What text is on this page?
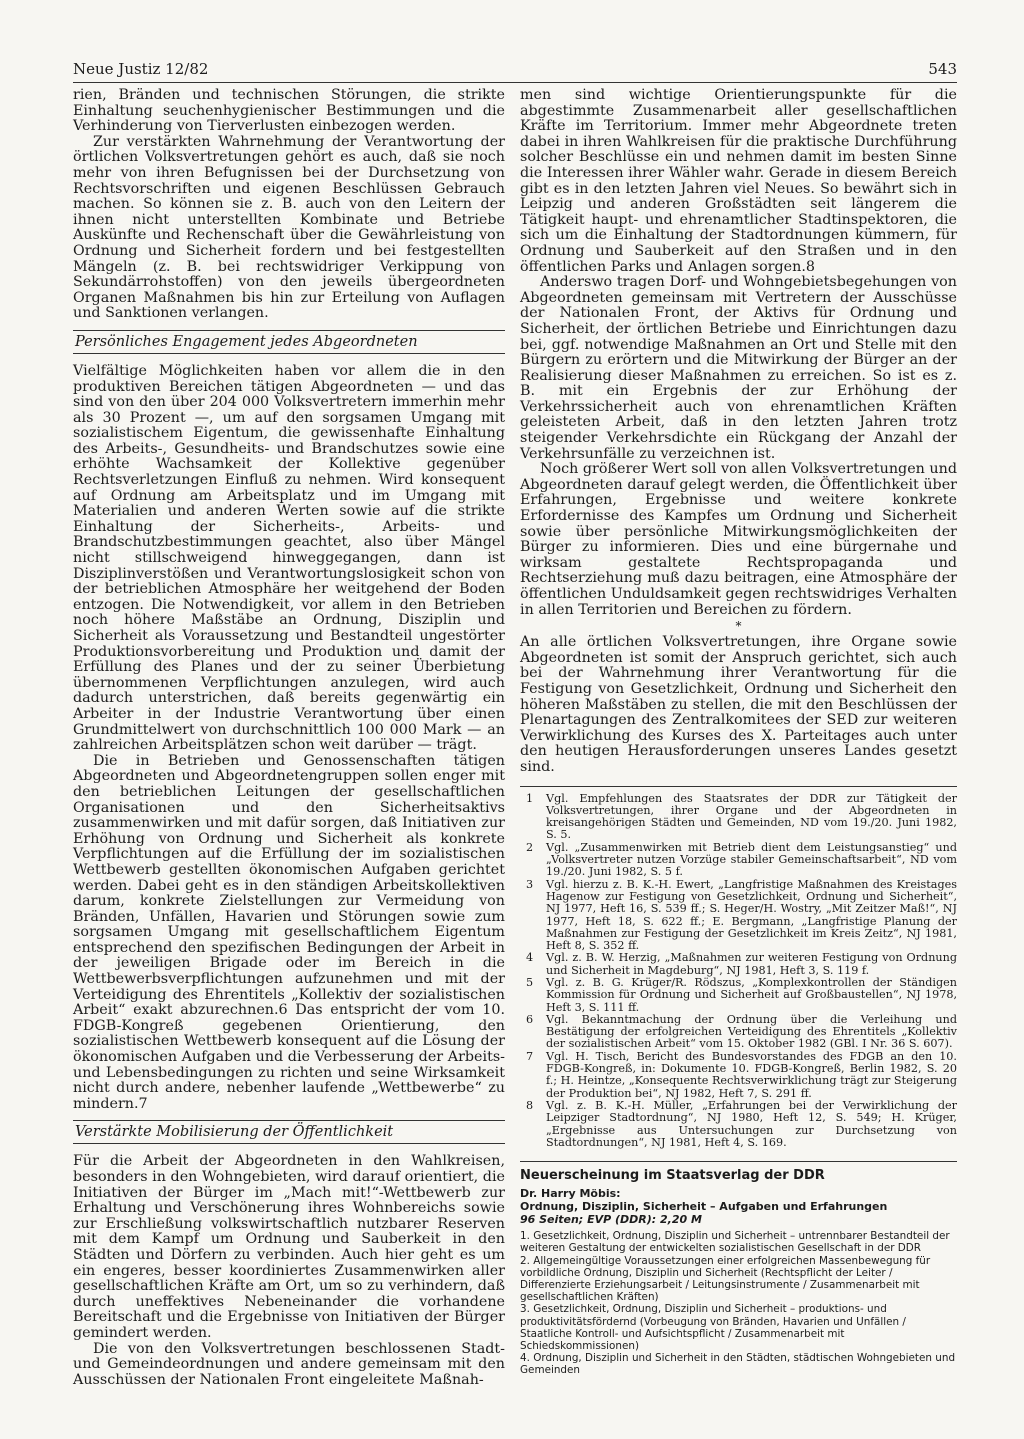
Neue Justiz 12/82	543

rien, Bränden und technischen Störungen, die strikte Einhaltung seuchenhygienischer Bestimmungen und die Verhinderung von Tierverlusten einbezogen werden.

Zur verstärkten Wahrnehmung der Verantwortung der örtlichen Volksvertretungen gehört es auch, daß sie noch mehr von ihren Befugnissen bei der Durchsetzung von Rechtsvorschriften und eigenen Beschlüssen Gebrauch machen. So können sie z. B. auch von den Leitern der ihnen nicht unterstellten Kombinate und Betriebe Auskünfte und Rechenschaft über die Gewährleistung von Ordnung und Sicherheit fordern und bei festgestellten Mängeln (z. B. bei rechtswidriger Verkippung von Sekundärrohstoffen) von den jeweils übergeordneten Organen Maßnahmen bis hin zur Erteilung von Auflagen und Sanktionen verlangen.

Persönliches Engagement jedes Abgeordneten

Vielfältige Möglichkeiten haben vor allem die in den produktiven Bereichen tätigen Abgeordneten — und das sind von den über 204 000 Volksvertretern immerhin mehr als 30 Prozent —, um auf den sorgsamen Umgang mit sozialistischem Eigentum, die gewissenhafte Einhaltung des Arbeits-, Gesundheits- und Brandschutzes sowie eine erhöhte Wachsamkeit der Kollektive gegenüber Rechtsverletzungen Einfluß zu nehmen. Wird konsequent auf Ordnung am Arbeitsplatz und im Umgang mit Materialien und anderen Werten sowie auf die strikte Einhaltung der Sicherheits-, Arbeits- und Brandschutzbestimmungen geachtet, also über Mängel nicht stillschweigend hinweggegangen, dann ist Disziplinverstößen und Verantwortungslosigkeit schon von der betrieblichen Atmosphäre her weitgehend der Boden entzogen. Die Notwendigkeit, vor allem in den Betrieben noch höhere Maßstäbe an Ordnung, Disziplin und Sicherheit als Voraussetzung und Bestandteil ungestörter Produktionsvorbereitung und Produktion und damit der Erfüllung des Planes und der zu seiner Überbietung übernommenen Verpflichtungen anzulegen, wird auch dadurch unterstrichen, daß bereits gegenwärtig ein Arbeiter in der Industrie Verantwortung über einen Grundmittelwert von durchschnittlich 100 000 Mark — an zahlreichen Arbeitsplätzen schon weit darüber — trägt.

Die in Betrieben und Genossenschaften tätigen Abgeordneten und Abgeordnetengruppen sollen enger mit den betrieblichen Leitungen der gesellschaftlichen Organisationen und den Sicherheitsaktivs zusammenwirken und mit dafür sorgen, daß Initiativen zur Erhöhung von Ordnung und Sicherheit als konkrete Verpflichtungen auf die Erfüllung der im sozialistischen Wettbewerb gestellten ökonomischen Aufgaben gerichtet werden. Dabei geht es in den ständigen Arbeitskollektiven darum, konkrete Zielstellungen zur Vermeidung von Bränden, Unfällen, Havarien und Störungen sowie zum sorgsamen Umgang mit gesellschaftlichem Eigentum entsprechend den spezifischen Bedingungen der Arbeit in der jeweiligen Brigade oder im Bereich in die Wettbewerbsverpflichtungen aufzunehmen und mit der Verteidigung des Ehrentitels „Kollektiv der sozialistischen Arbeit“ exakt abzurechnen.6 Das entspricht der vom 10. FDGB-Kongreß gegebenen Orientierung, den sozialistischen Wettbewerb konsequent auf die Lösung der ökonomischen Aufgaben und die Verbesserung der Arbeits- und Lebensbedingungen zu richten und seine Wirksamkeit nicht durch andere, nebenher laufende „Wettbewerbe“ zu mindern.7

Verstärkte Mobilisierung der Öffentlichkeit

Für die Arbeit der Abgeordneten in den Wahlkreisen, besonders in den Wohngebieten, wird darauf orientiert, die Initiativen der Bürger im „Mach mit!“-Wettbewerb zur Erhaltung und Verschönerung ihres Wohnbereichs sowie zur Erschließung volkswirtschaftlich nutzbarer Reserven mit dem Kampf um Ordnung und Sauberkeit in den Städten und Dörfern zu verbinden. Auch hier geht es um ein engeres, besser koordiniertes Zusammenwirken aller gesellschaftlichen Kräfte am Ort, um so zu verhindern, daß durch uneffektives Nebeneinander die vorhandene Bereitschaft und die Ergebnisse von Initiativen der Bürger gemindert werden.

Die von den Volksvertretungen beschlossenen Stadt- und Gemeindeordnungen und andere gemeinsam mit den Ausschüssen der Nationalen Front eingeleitete Maßnah-

men sind wichtige Orientierungspunkte für die abgestimmte Zusammenarbeit aller gesellschaftlichen Kräfte im Territorium. Immer mehr Abgeordnete treten dabei in ihren Wahlkreisen für die praktische Durchführung solcher Beschlüsse ein und nehmen damit im besten Sinne die Interessen ihrer Wähler wahr. Gerade in diesem Bereich gibt es in den letzten Jahren viel Neues. So bewährt sich in Leipzig und anderen Großstädten seit längerem die Tätigkeit haupt- und ehrenamtlicher Stadtinspektoren, die sich um die Einhaltung der Stadtordnungen kümmern, für Ordnung und Sauberkeit auf den Straßen und in den öffentlichen Parks und Anlagen sorgen.8

Anderswo tragen Dorf- und Wohngebietsbegehungen von Abgeordneten gemeinsam mit Vertretern der Ausschüsse der Nationalen Front, der Aktivs für Ordnung und Sicherheit, der örtlichen Betriebe und Einrichtungen dazu bei, ggf. notwendige Maßnahmen an Ort und Stelle mit den Bürgern zu erörtern und die Mitwirkung der Bürger an der Realisierung dieser Maßnahmen zu erreichen. So ist es z. B. mit ein Ergebnis der zur Erhöhung der Verkehrssicherheit auch von ehrenamtlichen Kräften geleisteten Arbeit, daß in den letzten Jahren trotz steigender Verkehrsdichte ein Rückgang der Anzahl der Verkehrsunfälle zu verzeichnen ist.

Noch größerer Wert soll von allen Volksvertretungen und Abgeordneten darauf gelegt werden, die Öffentlichkeit über Erfahrungen, Ergebnisse und weitere konkrete Erfordernisse des Kampfes um Ordnung und Sicherheit sowie über persönliche Mitwirkungsmöglichkeiten der Bürger zu informieren. Dies und eine bürgernahe und wirksam gestaltete Rechtspropaganda und Rechtserziehung muß dazu beitragen, eine Atmosphäre der öffentlichen Unduldsamkeit gegen rechtswidriges Verhalten in allen Territorien und Bereichen zu fördern.

*

An alle örtlichen Volksvertretungen, ihre Organe sowie Abgeordneten ist somit der Anspruch gerichtet, sich auch bei der Wahrnehmung ihrer Verantwortung für die Festigung von Gesetzlichkeit, Ordnung und Sicherheit den höheren Maßstäben zu stellen, die mit den Beschlüssen der Plenartagungen des Zentralkomitees der SED zur weiteren Verwirklichung des Kurses des X. Parteitages auch unter den heutigen Herausforderungen unseres Landes gesetzt sind.

1	Vgl. Empfehlungen des Staatsrates der DDR zur Tätigkeit der Volksvertretungen, ihrer Organe und der Abgeordneten in kreisangehörigen Städten und Gemeinden, ND vom 19./20. Juni 1982, S. 5.
2	Vgl. „Zusammenwirken mit Betrieb dient dem Leistungsanstieg“ und „Volksvertreter nutzen Vorzüge stabiler Gemeinschaftsarbeit“, ND vom 19./20. Juni 1982, S. 5 f.
3	Vgl. hierzu z. B. K.-H. Ewert, „Langfristige Maßnahmen des Kreistages Hagenow zur Festigung von Gesetzlichkeit, Ordnung und Sicherheit“, NJ 1977, Heft 16, S. 539 ff.; S. Heger/H. Wostry, „Mit Zeitzer Maß!“, NJ 1977, Heft 18, S. 622 ff.; E. Bergmann, „Langfristige Planung der Maßnahmen zur Festigung der Gesetzlichkeit im Kreis Zeitz“, NJ 1981, Heft 8, S. 352 ff.
4	Vgl. z. B. W. Herzig, „Maßnahmen zur weiteren Festigung von Ordnung und Sicherheit in Magdeburg“, NJ 1981, Heft 3, S. 119 f.
5	Vgl. z. B. G. Krüger/R. Rödszus, „Komplexkontrollen der Ständigen Kommission für Ordnung und Sicherheit auf Großbaustellen“, NJ 1978, Heft 3, S. 111 ff.
6	Vgl. Bekanntmachung der Ordnung über die Verleihung und Bestätigung der erfolgreichen Verteidigung des Ehrentitels „Kollektiv der sozialistischen Arbeit“ vom 15. Oktober 1982 (GBl. I Nr. 36 S. 607).
7	Vgl. H. Tisch, Bericht des Bundesvorstandes des FDGB an den 10. FDGB-Kongreß, in: Dokumente 10. FDGB-Kongreß, Berlin 1982, S. 20 f.; H. Heintze, „Konsequente Rechtsverwirklichung trägt zur Steigerung der Produktion bei“, NJ 1982, Heft 7, S. 291 ff.
8	Vgl. z. B. K.-H. Müller, „Erfahrungen bei der Verwirklichung der Leipziger Stadtordnung“, NJ 1980, Heft 12, S. 549; H. Krüger, „Ergebnisse aus Untersuchungen zur Durchsetzung von Stadtordnungen“, NJ 1981, Heft 4, S. 169.
Neuerscheinung im Staatsverlag der DDR
Dr. Harry Möbis:
Ordnung, Disziplin, Sicherheit – Aufgaben und Erfahrungen
96 Seiten; EVP (DDR): 2,20 M
1. Gesetzlichkeit, Ordnung, Disziplin und Sicherheit – untrennbarer Bestandteil der weiteren Gestaltung der entwickelten sozialistischen Gesellschaft in der DDR
2. Allgemeingültige Voraussetzungen einer erfolgreichen Massenbewegung für vorbildliche Ordnung, Disziplin und Sicherheit (Rechtspflicht der Leiter / Differenzierte Erziehungsarbeit / Leitungsinstrumente / Zusammenarbeit mit gesellschaftlichen Kräften)
3. Gesetzlichkeit, Ordnung, Disziplin und Sicherheit – produktions- und produktivitätsfördernd (Vorbeugung von Bränden, Havarien und Unfällen / Staatliche Kontroll- und Aufsichtspflicht / Zusammenarbeit mit Schiedskommissionen)
4. Ordnung, Disziplin und Sicherheit in den Städten, städtischen Wohngebieten und Gemeinden
